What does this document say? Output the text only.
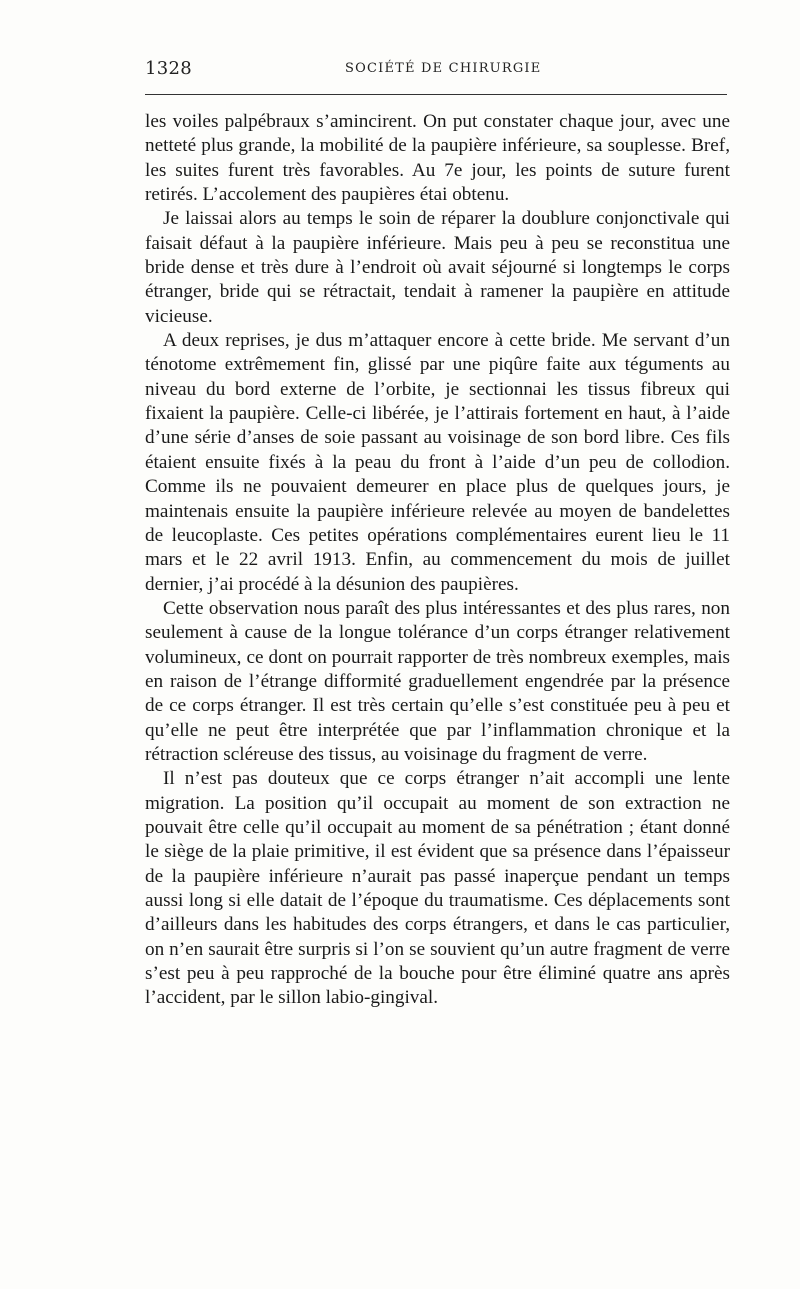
1328	SOCIÉTÉ DE CHIRURGIE

les voiles palpébraux s’amincirent. On put constater chaque jour, avec une netteté plus grande, la mobilité de la paupière inférieure, sa souplesse. Bref, les suites furent très favorables. Au 7e jour, les points de suture furent retirés. L’accolement des paupières étai obtenu.

Je laissai alors au temps le soin de réparer la doublure conjonctivale qui faisait défaut à la paupière inférieure. Mais peu à peu se reconstitua une bride dense et très dure à l’endroit où avait séjourné si longtemps le corps étranger, bride qui se rétractait, tendait à ramener la paupière en attitude vicieuse.

A deux reprises, je dus m’attaquer encore à cette bride. Me servant d’un ténotome extrêmement fin, glissé par une piqûre faite aux téguments au niveau du bord externe de l’orbite, je sectionnai les tissus fibreux qui fixaient la paupière. Celle-ci libérée, je l’attirais fortement en haut, à l’aide d’une série d’anses de soie passant au voisinage de son bord libre. Ces fils étaient ensuite fixés à la peau du front à l’aide d’un peu de collodion. Comme ils ne pouvaient demeurer en place plus de quelques jours, je maintenais ensuite la paupière inférieure relevée au moyen de bandelettes de leucoplaste. Ces petites opérations complémentaires eurent lieu le 11 mars et le 22 avril 1913. Enfin, au commencement du mois de juillet dernier, j’ai procédé à la désunion des paupières.

Cette observation nous paraît des plus intéressantes et des plus rares, non seulement à cause de la longue tolérance d’un corps étranger relativement volumineux, ce dont on pourrait rapporter de très nombreux exemples, mais en raison de l’étrange difformité graduellement engendrée par la présence de ce corps étranger. Il est très certain qu’elle s’est constituée peu à peu et qu’elle ne peut être interprétée que par l’inflammation chronique et la rétraction scléreuse des tissus, au voisinage du fragment de verre.

Il n’est pas douteux que ce corps étranger n’ait accompli une lente migration. La position qu’il occupait au moment de son extraction ne pouvait être celle qu’il occupait au moment de sa pénétration ; étant donné le siège de la plaie primitive, il est évident que sa présence dans l’épaisseur de la paupière inférieure n’aurait pas passé inaperçue pendant un temps aussi long si elle datait de l’époque du traumatisme. Ces déplacements sont d’ailleurs dans les habitudes des corps étrangers, et dans le cas particulier, on n’en saurait être surpris si l’on se souvient qu’un autre fragment de verre s’est peu à peu rapproché de la bouche pour être éliminé quatre ans après l’accident, par le sillon labio-gingival.
